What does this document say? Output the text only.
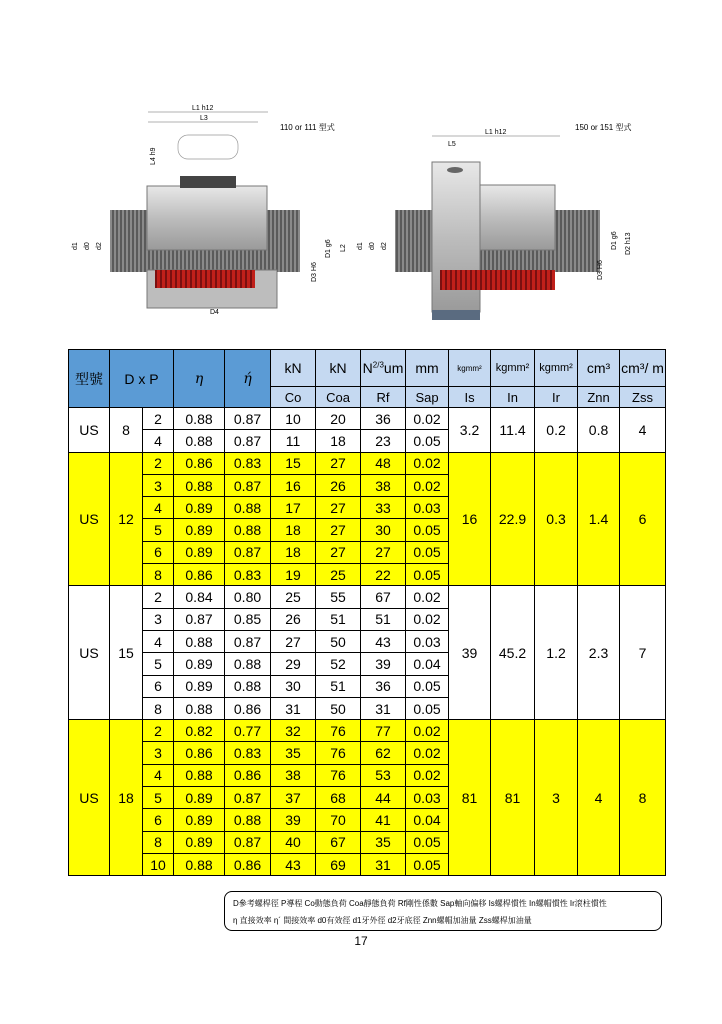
110 or 111 型式
L1 h12
L3
L4 h9
d1 d0 d2	D1 g6 L2
D3 H6
D4
150 or 151 型式
L5
L1 h12
d1 d0 d2	D1 g6 D2 h13
D3 H6
型號	D x P		η	ή	kN	kN	$N^{2/3}um$	mm	kgmm²	kgmm²	kgmm²	cm³	cm³/ m
					Co	Coa	Rf	Sap	Is	In	Ir	Znn	Zss
US	8	2	0.88	0.87	10	20	36	0.02	3.2	11.4	0.2	0.8	4
		4	0.88	0.87	11	18	23	0.05					
US	12	2	0.86	0.83	15	27	48	0.02	16	22.9	0.3	1.4	6
		3	0.88	0.87	16	26	38	0.02					
		4	0.89	0.88	17	27	33	0.03					
		5	0.89	0.88	18	27	30	0.05					
		6	0.89	0.87	18	27	27	0.05					
		8	0.86	0.83	19	25	22	0.05					
US	15	2	0.84	0.80	25	55	67	0.02	39	45.2	1.2	2.3	7
		3	0.87	0.85	26	51	51	0.02					
		4	0.88	0.87	27	50	43	0.03					
		5	0.89	0.88	29	52	39	0.04					
		6	0.89	0.88	30	51	36	0.05					
		8	0.88	0.86	31	50	31	0.05					
US	18	2	0.82	0.77	32	76	77	0.02	81	81	3	4	8
		3	0.86	0.83	35	76	62	0.02					
		4	0.88	0.86	38	76	53	0.02					
		5	0.89	0.87	37	68	44	0.03					
		6	0.89	0.88	39	70	41	0.04					
		8	0.89	0.87	40	67	35	0.05					
		10	0.88	0.86	43	69	31	0.05					
D參考螺桿徑 P導程 Co動態負荷 Coa靜態負荷 Rf剛性係數 Sap軸向偏移 Is螺桿慣性 In螺帽慣性 Ir滾柱慣性
η 直接效率 η´ 間接效率 d0有效徑 d1牙外徑 d2牙底徑 Znn螺帽加油量 Zss螺桿加油量
17
